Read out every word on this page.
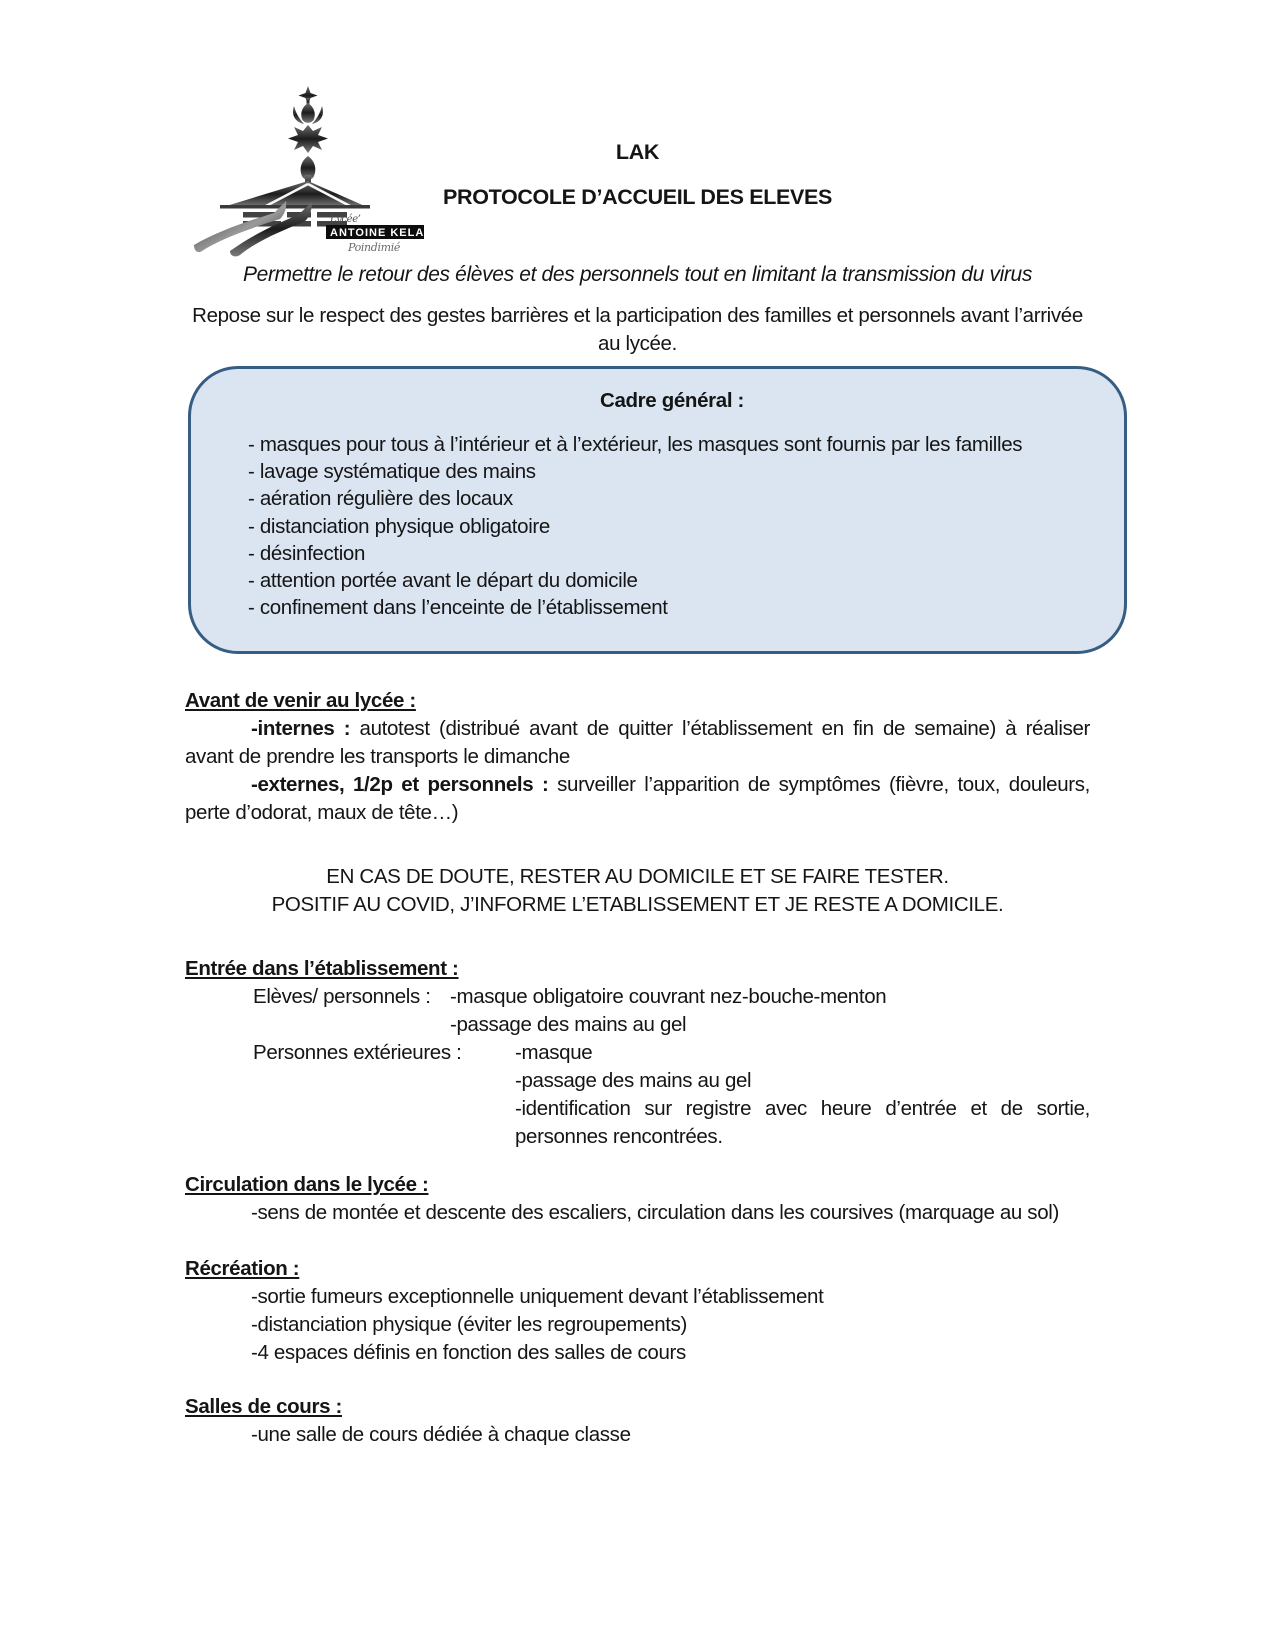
Lycée’
ANTOINE KELA
Poindimié
LAK
PROTOCOLE D’ACCUEIL DES ELEVES
Permettre le retour des élèves et des personnels tout en limitant la transmission du virus
Repose sur le respect des gestes barrières et la participation des familles et personnels avant l’arrivée au lycée.
Cadre général :
- masques pour tous à l’intérieur et à l’extérieur, les masques sont fournis par les familles
- lavage systématique des mains
- aération régulière des locaux
- distanciation physique obligatoire
- désinfection
- attention portée avant le départ du domicile
- confinement dans l’enceinte de l’établissement
Avant de venir au lycée :

-internes : autotest (distribué avant de quitter l’établissement en fin de semaine) à réaliser avant de prendre les transports le dimanche

-externes, 1/2p et personnels : surveiller l’apparition de symptômes (fièvre, toux, douleurs, perte d’odorat, maux de tête…)

EN CAS DE DOUTE, RESTER AU DOMICILE ET SE FAIRE TESTER.
POSITIF AU COVID, J’INFORME L’ETABLISSEMENT ET JE RESTE A DOMICILE.
Entrée dans l’établissement :
Elèves/ personnels : -masque obligatoire couvrant nez-bouche-menton
-passage des mains au gel
Personnes extérieures :	-masque
-passage des mains au gel
-identification sur registre avec heure d’entrée et de sortie, personnes rencontrées.
Circulation dans le lycée :
-sens de montée et descente des escaliers, circulation dans les coursives (marquage au sol)
Récréation :
-sortie fumeurs exceptionnelle uniquement devant l’établissement
-distanciation physique (éviter les regroupements)
-4 espaces définis en fonction des salles de cours
Salles de cours :
-une salle de cours dédiée à chaque classe
